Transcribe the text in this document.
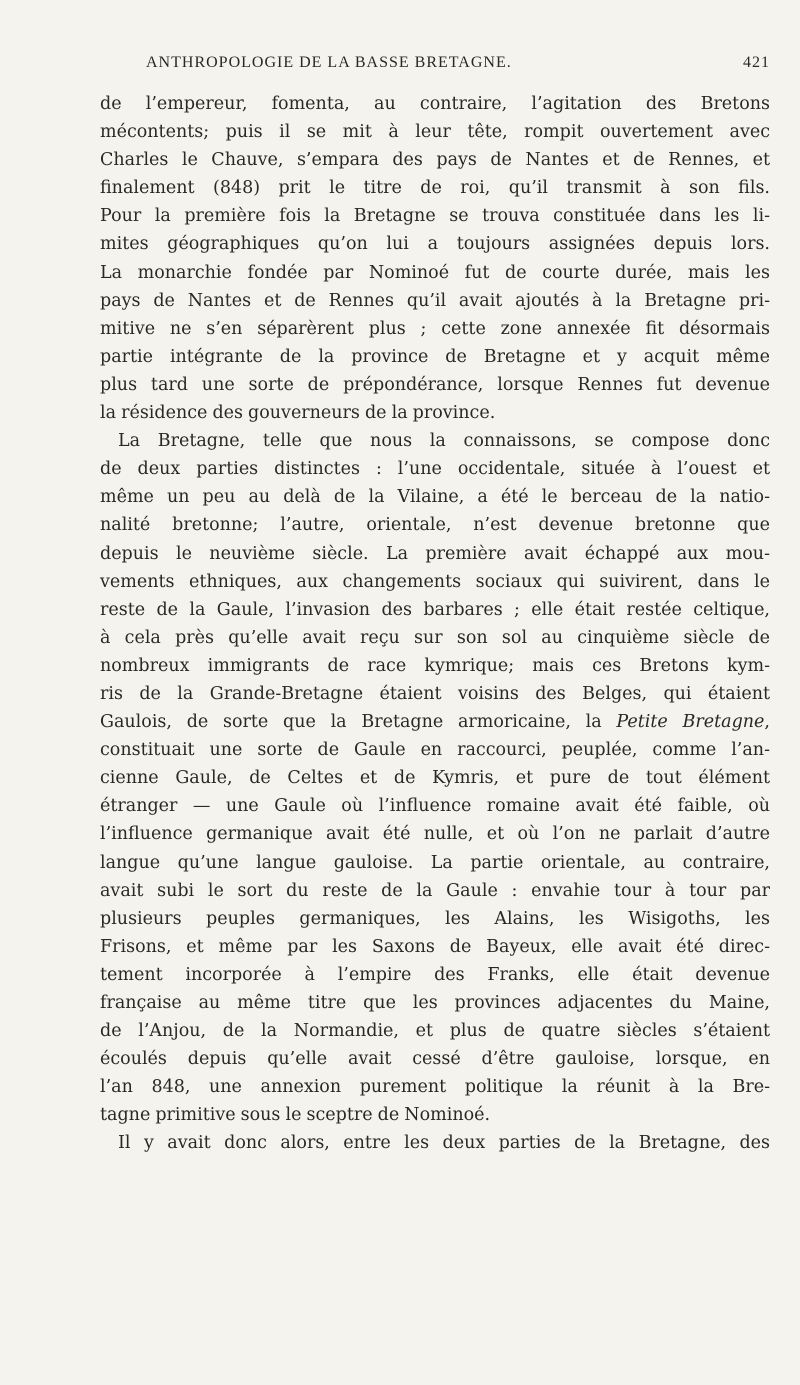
ANTHROPOLOGIE DE LA BASSE BRETAGNE.	421
de l’empereur, fomenta, au contraire, l’agitation des Bretons
mécontents; puis il se mit à leur tête, rompit ouvertement avec
Charles le Chauve, s’empara des pays de Nantes et de Rennes, et
finalement (848) prit le titre de roi, qu’il transmit à son fils.
Pour la première fois la Bretagne se trouva constituée dans les li-
mites géographiques qu’on lui a toujours assignées depuis lors.
La monarchie fondée par Nominoé fut de courte durée, mais les
pays de Nantes et de Rennes qu’il avait ajoutés à la Bretagne pri-
mitive ne s’en séparèrent plus ; cette zone annexée fit désormais
partie intégrante de la province de Bretagne et y acquit même
plus tard une sorte de prépondérance, lorsque Rennes fut devenue
la résidence des gouverneurs de la province.
La Bretagne, telle que nous la connaissons, se compose donc
de deux parties distinctes : l’une occidentale, située à l’ouest et
même un peu au delà de la Vilaine, a été le berceau de la natio-
nalité bretonne; l’autre, orientale, n’est devenue bretonne que
depuis le neuvième siècle. La première avait échappé aux mou-
vements ethniques, aux changements sociaux qui suivirent, dans le
reste de la Gaule, l’invasion des barbares ; elle était restée celtique,
à cela près qu’elle avait reçu sur son sol au cinquième siècle de
nombreux immigrants de race kymrique; mais ces Bretons kym-
ris de la Grande-Bretagne étaient voisins des Belges, qui étaient
Gaulois, de sorte que la Bretagne armoricaine, la Petite Bretagne,
constituait une sorte de Gaule en raccourci, peuplée, comme l’an-
cienne Gaule, de Celtes et de Kymris, et pure de tout élément
étranger — une Gaule où l’influence romaine avait été faible, où
l’influence germanique avait été nulle, et où l’on ne parlait d’autre
langue qu’une langue gauloise. La partie orientale, au contraire,
avait subi le sort du reste de la Gaule : envahie tour à tour par
plusieurs peuples germaniques, les Alains, les Wisigoths, les
Frisons, et même par les Saxons de Bayeux, elle avait été direc-
tement incorporée à l’empire des Franks, elle était devenue
française au même titre que les provinces adjacentes du Maine,
de l’Anjou, de la Normandie, et plus de quatre siècles s’étaient
écoulés depuis qu’elle avait cessé d’être gauloise, lorsque, en
l’an 848, une annexion purement politique la réunit à la Bre-
tagne primitive sous le sceptre de Nominoé.
Il y avait donc alors, entre les deux parties de la Bretagne, des
